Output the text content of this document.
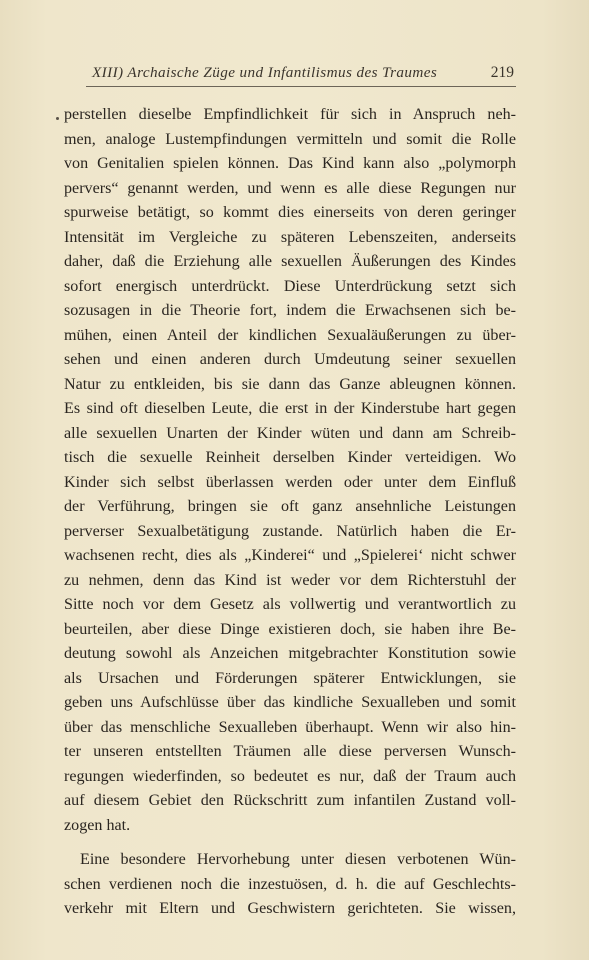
XIII) Archaische Züge und Infantilismus des Traumes	219
perstellen dieselbe Empfindlichkeit für sich in Anspruch neh-
men, analoge Lustempfindungen vermitteln und somit die Rolle
von Genitalien spielen können. Das Kind kann also „polymorph
pervers“ genannt werden, und wenn es alle diese Regungen nur
spurweise betätigt, so kommt dies einerseits von deren geringer
Intensität im Vergleiche zu späteren Lebenszeiten, anderseits
daher, daß die Erziehung alle sexuellen Äußerungen des Kindes
sofort energisch unterdrückt. Diese Unterdrückung setzt sich
sozusagen in die Theorie fort, indem die Erwachsenen sich be-
mühen, einen Anteil der kindlichen Sexualäußerungen zu über-
sehen und einen anderen durch Umdeutung seiner sexuellen
Natur zu entkleiden, bis sie dann das Ganze ableugnen können.
Es sind oft dieselben Leute, die erst in der Kinderstube hart gegen
alle sexuellen Unarten der Kinder wüten und dann am Schreib-
tisch die sexuelle Reinheit derselben Kinder verteidigen. Wo
Kinder sich selbst überlassen werden oder unter dem Einfluß
der Verführung, bringen sie oft ganz ansehnliche Leistungen
perverser Sexualbetätigung zustande. Natürlich haben die Er-
wachsenen recht, dies als „Kinderei“ und „Spielerei‘ nicht schwer
zu nehmen, denn das Kind ist weder vor dem Richterstuhl der
Sitte noch vor dem Gesetz als vollwertig und verantwortlich zu
beurteilen, aber diese Dinge existieren doch, sie haben ihre Be-
deutung sowohl als Anzeichen mitgebrachter Konstitution sowie
als Ursachen und Förderungen späterer Entwicklungen, sie
geben uns Aufschlüsse über das kindliche Sexualleben und somit
über das menschliche Sexualleben überhaupt. Wenn wir also hin-
ter unseren entstellten Träumen alle diese perversen Wunsch-
regungen wiederfinden, so bedeutet es nur, daß der Traum auch
auf diesem Gebiet den Rückschritt zum infantilen Zustand voll-
zogen hat.
Eine besondere Hervorhebung unter diesen verbotenen Wün-
schen verdienen noch die inzestuösen, d. h. die auf Geschlechts-
verkehr mit Eltern und Geschwistern gerichteten. Sie wissen,
